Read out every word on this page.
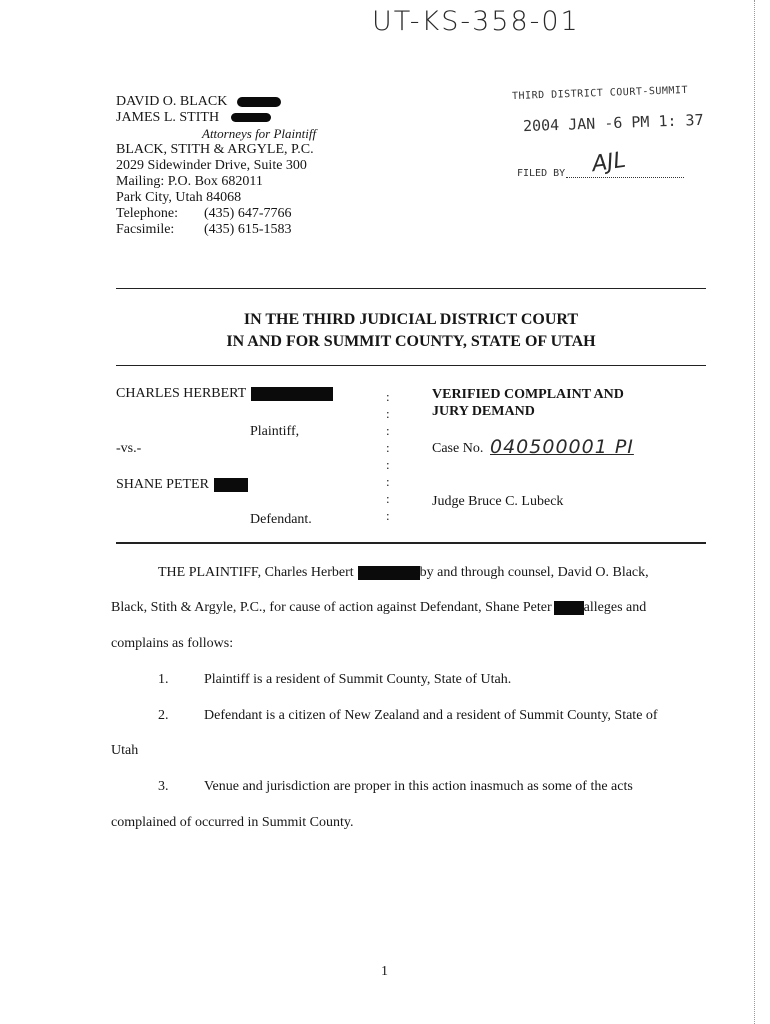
UT-KS-358-01
DAVID O. BLACK
JAMES L. STITH
Attorneys for Plaintiff
BLACK, STITH & ARGYLE, P.C.
2029 Sidewinder Drive, Suite 300
Mailing: P.O. Box 682011
Park City, Utah 84068
Telephone: (435) 647-7766
Facsimile: (435) 615-1583
THIRD DISTRICT COURT-SUMMIT
2004 JAN -6 PM 1: 37
FILED BY AJL
IN THE THIRD JUDICIAL DISTRICT COURT
IN AND FOR SUMMIT COUNTY, STATE OF UTAH
CHARLES HERBERT
Plaintiff,
-vs.-
SHANE PETER
Defendant.
:
:
:
:
:
:
:
:
VERIFIED COMPLAINT AND
JURY DEMAND
Case No. 040500001 PI
Judge Bruce C. Lubeck
THE PLAINTIFF, Charles Herbert	by and through counsel, David O. Black,
Black, Stith & Argyle, P.C., for cause of action against Defendant, Shane Peter alleges and
complains as follows:
1.	Plaintiff is a resident of Summit County, State of Utah.
2.	Defendant is a citizen of New Zealand and a resident of Summit County, State of
Utah
3.	Venue and jurisdiction are proper in this action inasmuch as some of the acts
complained of occurred in Summit County.
1
